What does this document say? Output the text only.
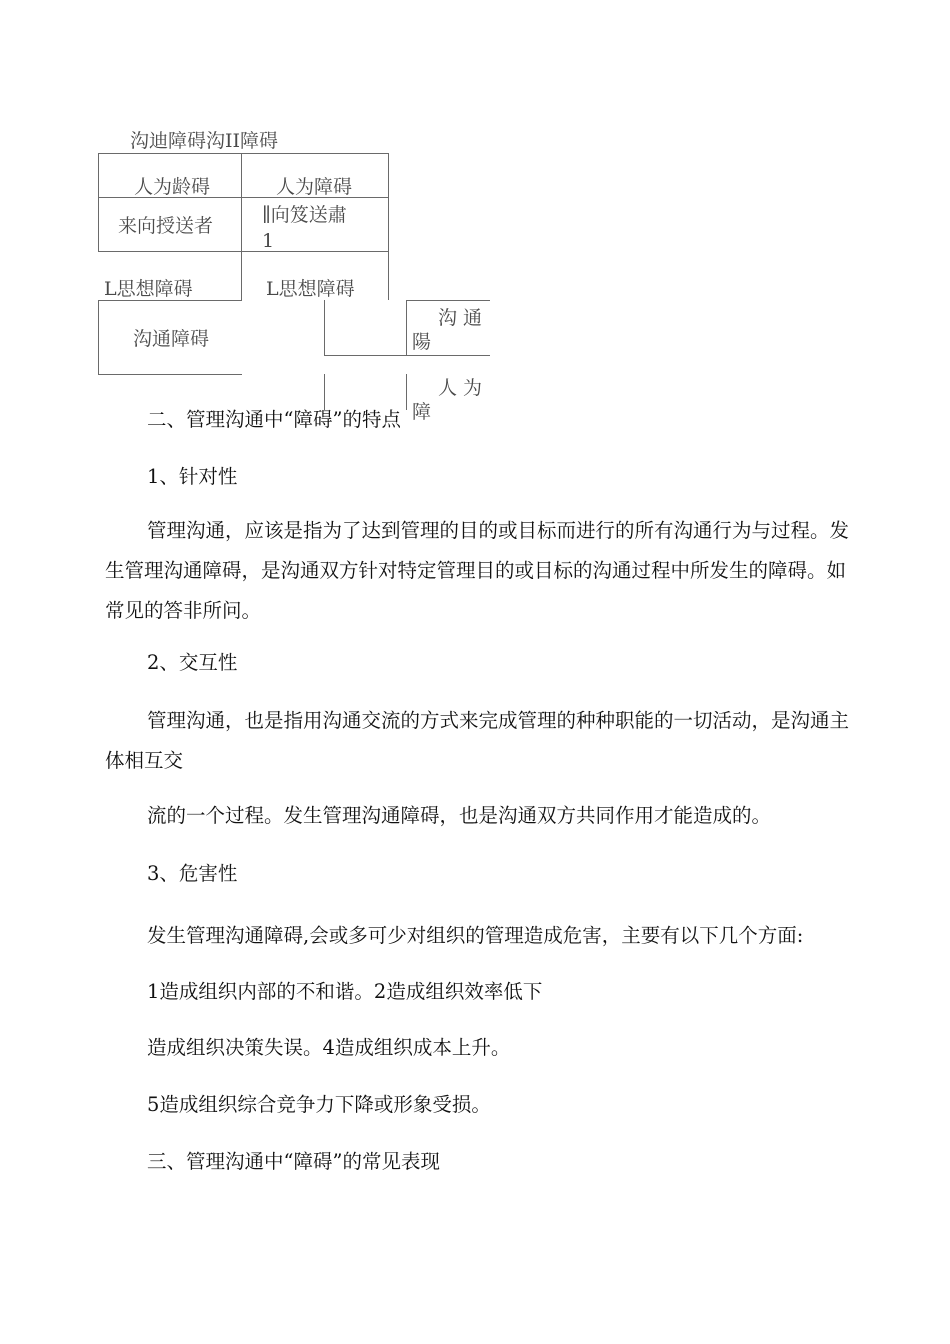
沟迪障碍沟II障碍
人为龄碍	人为障碍
来向授送者	∥向笈送肅
1
L思想障碍	L思想障碍
沟通障碍
沟通陽
人为障
二、管理沟通中“障碍”的特点
1、针对性
管理沟通，应该是指为了达到管理的目的或目标而进行的所有沟通行为与过程。发生管理沟通障碍，是沟通双方针对特定管理目的或目标的沟通过程中所发生的障碍。如常见的答非所问。
2、交互性
管理沟通，也是指用沟通交流的方式来完成管理的种种职能的一切活动，是沟通主体相互交
流的一个过程。发生管理沟通障碍，也是沟通双方共同作用才能造成的。
3、危害性
发生管理沟通障碍,会或多可少对组织的管理造成危害，主要有以下几个方面:
1造成组织内部的不和谐。2造成组织效率低下
造成组织决策失误。4造成组织成本上升。
5造成组织综合竞争力下降或形象受损。
三、管理沟通中“障碍”的常见表现
